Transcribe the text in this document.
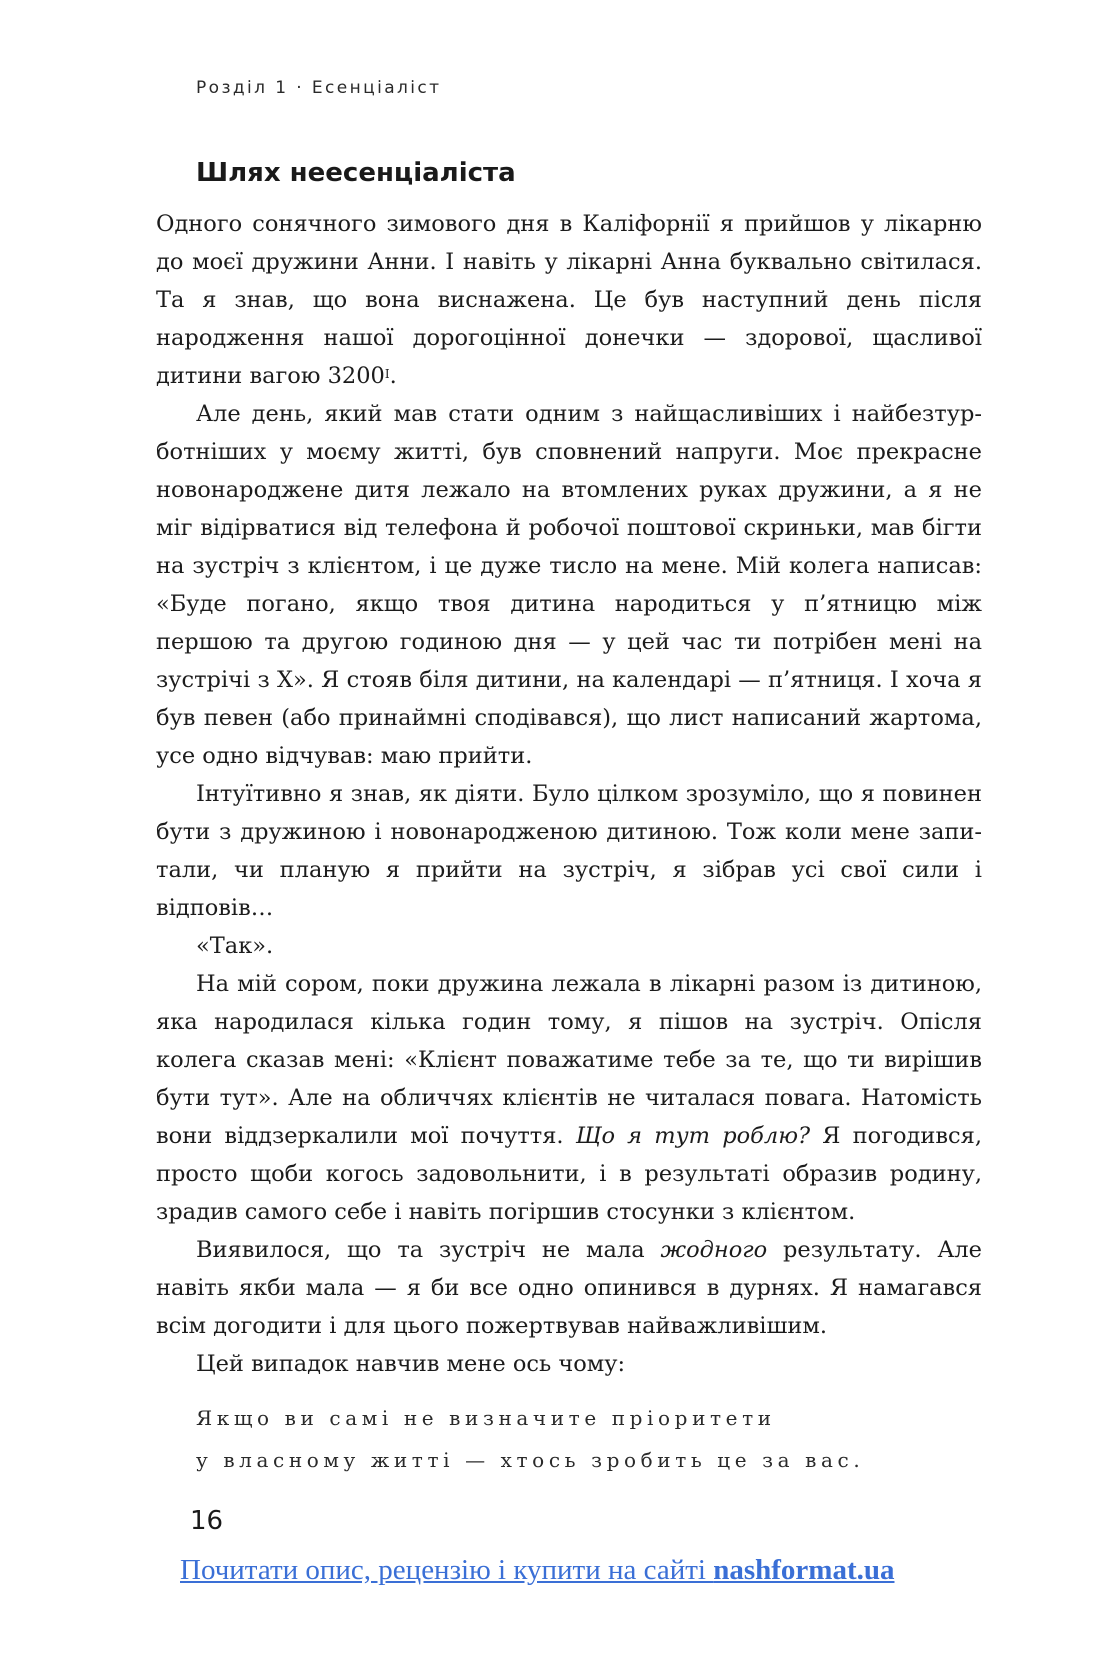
Розділ 1 · Есенціаліст
Шлях неесенціаліста

Одного сонячного зимового дня в Каліфорнії я прийшов у лікарню до моєї дружини Анни. І навіть у лікарні Анна буквально світилася. Та я знав, що вона виснажена. Це був наступний день після народження нашої дорогоцінної донечки — здорової, щасливої дитини вагою $3200^I$.

Але день, який мав стати одним з найщасливіших і найбезтурботніших у моєму житті, був сповнений напруги. Моє прекрасне новонароджене дитя лежало на втомлених руках дружини, а я не міг відірватися від телефона й робочої поштової скриньки, мав бігти на зустріч з клієнтом, і це дуже тисло на мене. Мій колега написав: «Буде погано, якщо твоя дитина народиться у п’ятницю між першою та другою годиною дня — у цей час ти потрібен мені на зустрічі з Х». Я стояв біля дитини, на календарі — п’ятниця. І хоча я був певен (або принаймні сподівався), що лист написаний жартома, усе одно відчував: маю прийти.

Інтуїтивно я знав, як діяти. Було цілком зрозуміло, що я повинен бути з дружиною і новонародженою дитиною. Тож коли мене запитали, чи планую я прийти на зустріч, я зібрав усі свої сили і відповів…

«Так».

На мій сором, поки дружина лежала в лікарні разом із дитиною, яка народилася кілька годин тому, я пішов на зустріч. Опісля колега сказав мені: «Клієнт поважатиме тебе за те, що ти вирішив бути тут». Але на обличчях клієнтів не читалася повага. Натомість вони віддзеркалили мої почуття. Що я тут роблю? Я погодився, просто щоби когось задовольнити, і в результаті образив родину, зрадив самого себе і навіть погіршив стосунки з клієнтом.

Виявилося, що та зустріч не мала жодного результату. Але навіть якби мала — я би все одно опинився в дурнях. Я намагався всім догодити і для цього пожертвував найважливішим.

Цей випадок навчив мене ось чому:

Якщо ви самі не визначите пріоритети
у власному житті — хтось зробить це за вас.
16
Почитати опис, рецензію і купити на сайті nashformat.ua
